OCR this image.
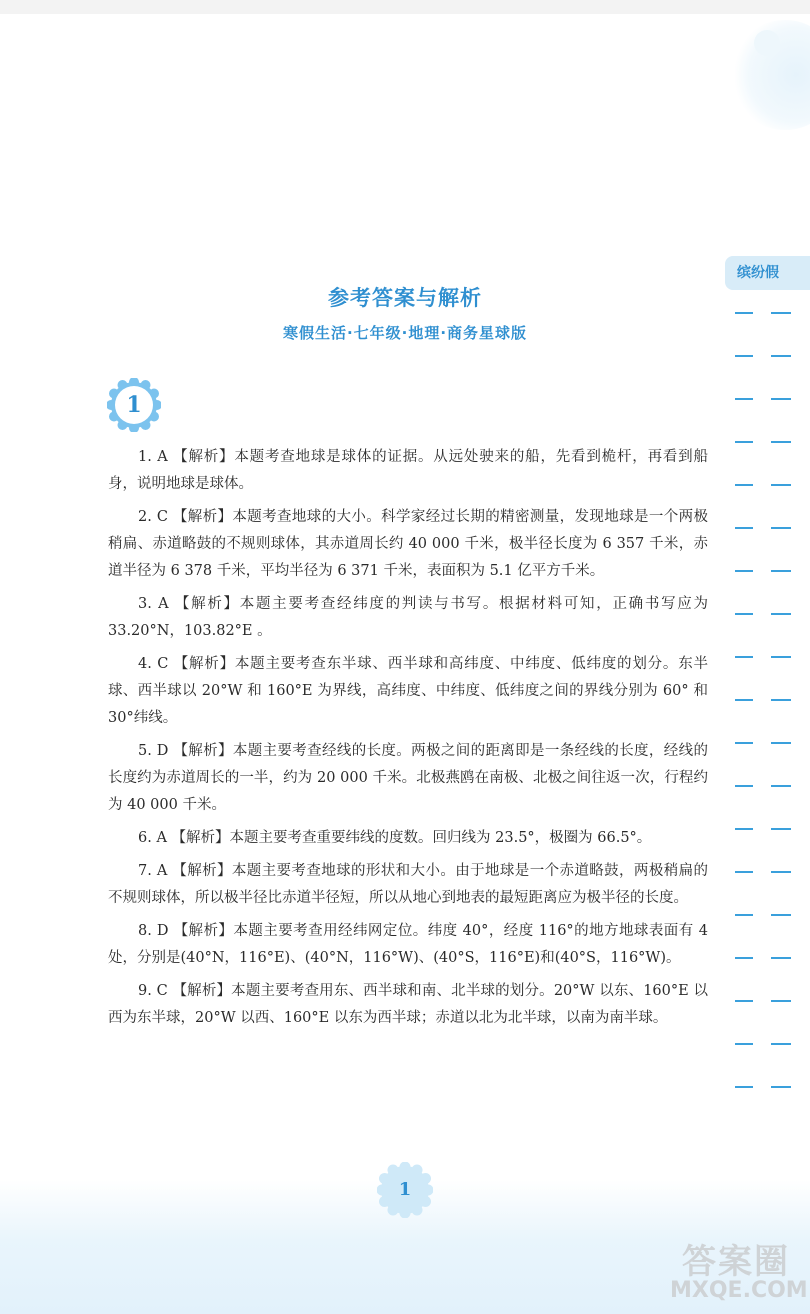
参考答案与解析
寒假生活·七年级·地理·商务星球版
1

1. A 【解析】本题考查地球是球体的证据。从远处驶来的船，先看到桅杆，再看到船身，说明地球是球体。

2. C 【解析】本题考查地球的大小。科学家经过长期的精密测量，发现地球是一个两极稍扁、赤道略鼓的不规则球体，其赤道周长约 40 000 千米，极半径长度为 6 357 千米，赤道半径为 6 378 千米，平均半径为 6 371 千米，表面积为 5.1 亿平方千米。

3. A 【解析】本题主要考查经纬度的判读与书写。根据材料可知，正确书写应为 33.20°N，103.82°E 。

4. C 【解析】本题主要考查东半球、西半球和高纬度、中纬度、低纬度的划分。东半球、西半球以 20°W 和 160°E 为界线，高纬度、中纬度、低纬度之间的界线分别为 60° 和 30°纬线。

5. D 【解析】本题主要考查经线的长度。两极之间的距离即是一条经线的长度，经线的长度约为赤道周长的一半，约为 20 000 千米。北极燕鸥在南极、北极之间往返一次，行程约为 40 000 千米。

6. A 【解析】本题主要考查重要纬线的度数。回归线为 23.5°，极圈为 66.5°。

7. A 【解析】本题主要考查地球的形状和大小。由于地球是一个赤道略鼓，两极稍扁的不规则球体，所以极半径比赤道半径短，所以从地心到地表的最短距离应为极半径的长度。

8. D 【解析】本题主要考查用经纬网定位。纬度 40°，经度 116°的地方地球表面有 4 处，分别是(40°N，116°E)、(40°N，116°W)、(40°S，116°E)和(40°S，116°W)。

9. C 【解析】本题主要考查用东、西半球和南、北半球的划分。20°W 以东、160°E 以西为东半球，20°W 以西、160°E 以东为西半球；赤道以北为北半球，以南为南半球。

缤纷假
1
答案圈
MXQE.COM
